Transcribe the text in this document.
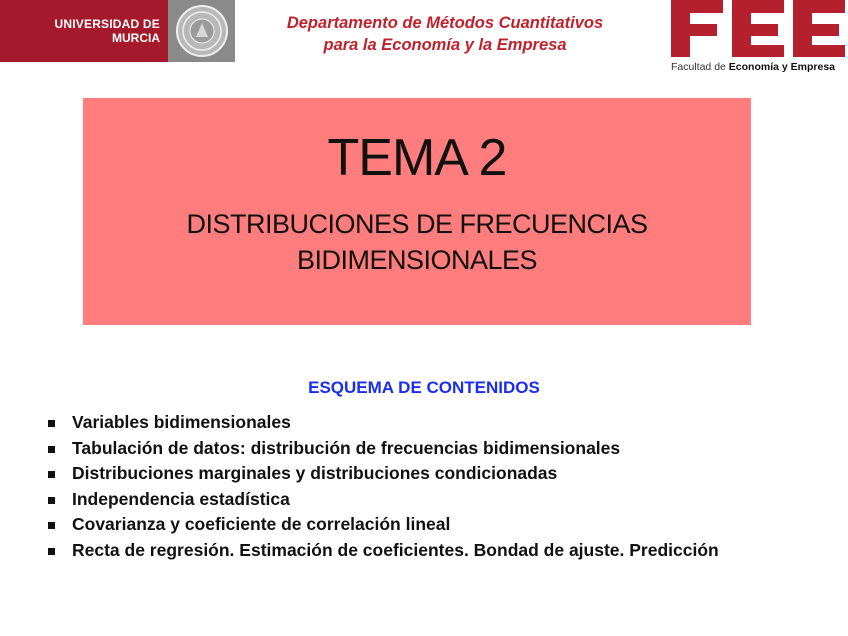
UNIVERSIDAD DE
MURCIA
Departamento de Métodos Cuantitativos
para la Economía y la Empresa
Facultad de Economía y Empresa
TEMA 2
DISTRIBUCIONES DE FRECUENCIAS
BIDIMENSIONALES
ESQUEMA DE CONTENIDOS
Variables bidimensionales
Tabulación de datos: distribución de frecuencias bidimensionales
Distribuciones marginales y distribuciones condicionadas
Independencia estadística
Covarianza y coeficiente de correlación lineal
Recta de regresión. Estimación de coeficientes. Bondad de ajuste. Predicción
